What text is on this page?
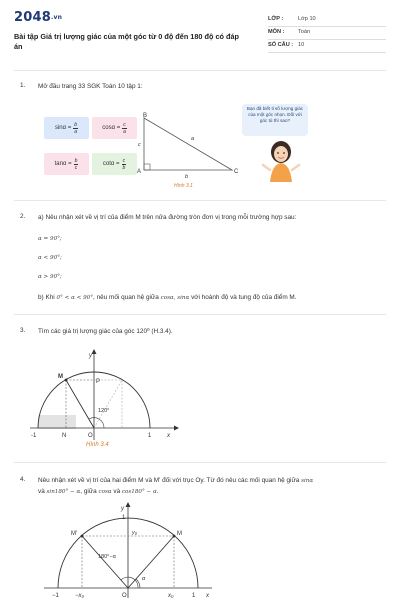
2048.vn
Bài tập Giá trị lượng giác của một góc từ 0 độ đến 180 độ có đáp án
LỚP :	Lớp 10
MÔN : Toán
SỐ CÂU : 10
1. Mở đầu trang 33 SGK Toán 10 tập 1:
$\sin\alpha = \frac{b}{a}$	$\cos\alpha = \frac{c}{a}$
$\tan\alpha = \frac{b}{c}$	$\cot\alpha = \frac{c}{b}$
B
A	C
a
b
c
Hình 3.1
Bạn đã biết tỉ số lượng giác của một góc nhọn. Đối với góc tù thì sao?
2. a) Nêu nhận xét về vị trí của điểm M trên nửa đường tròn đơn vị trong mỗi trường hợp sau:
α = 90°;
α < 90°;
α > 90°;
b) Khi 0° < α < 90°, nêu mối quan hệ giữa cosα, sinα với hoành độ và tung độ của điểm M.
3. Tìm các giá trị lượng giác của góc 120⁰ (H.3.4).
y
x
M
P
N	O
120°
-1	1
Hình 3.4
4. Nêu nhận xét về vị trí của hai điểm M và M' đối với trục Oy. Từ đó nêu các mối quan hệ giữa sinα
và sin180° − α, giữa cosα và cos180° − α.
y
1
M
M'	y₀
180°−α
α
−1	−x₀	O	x₀	1 x
